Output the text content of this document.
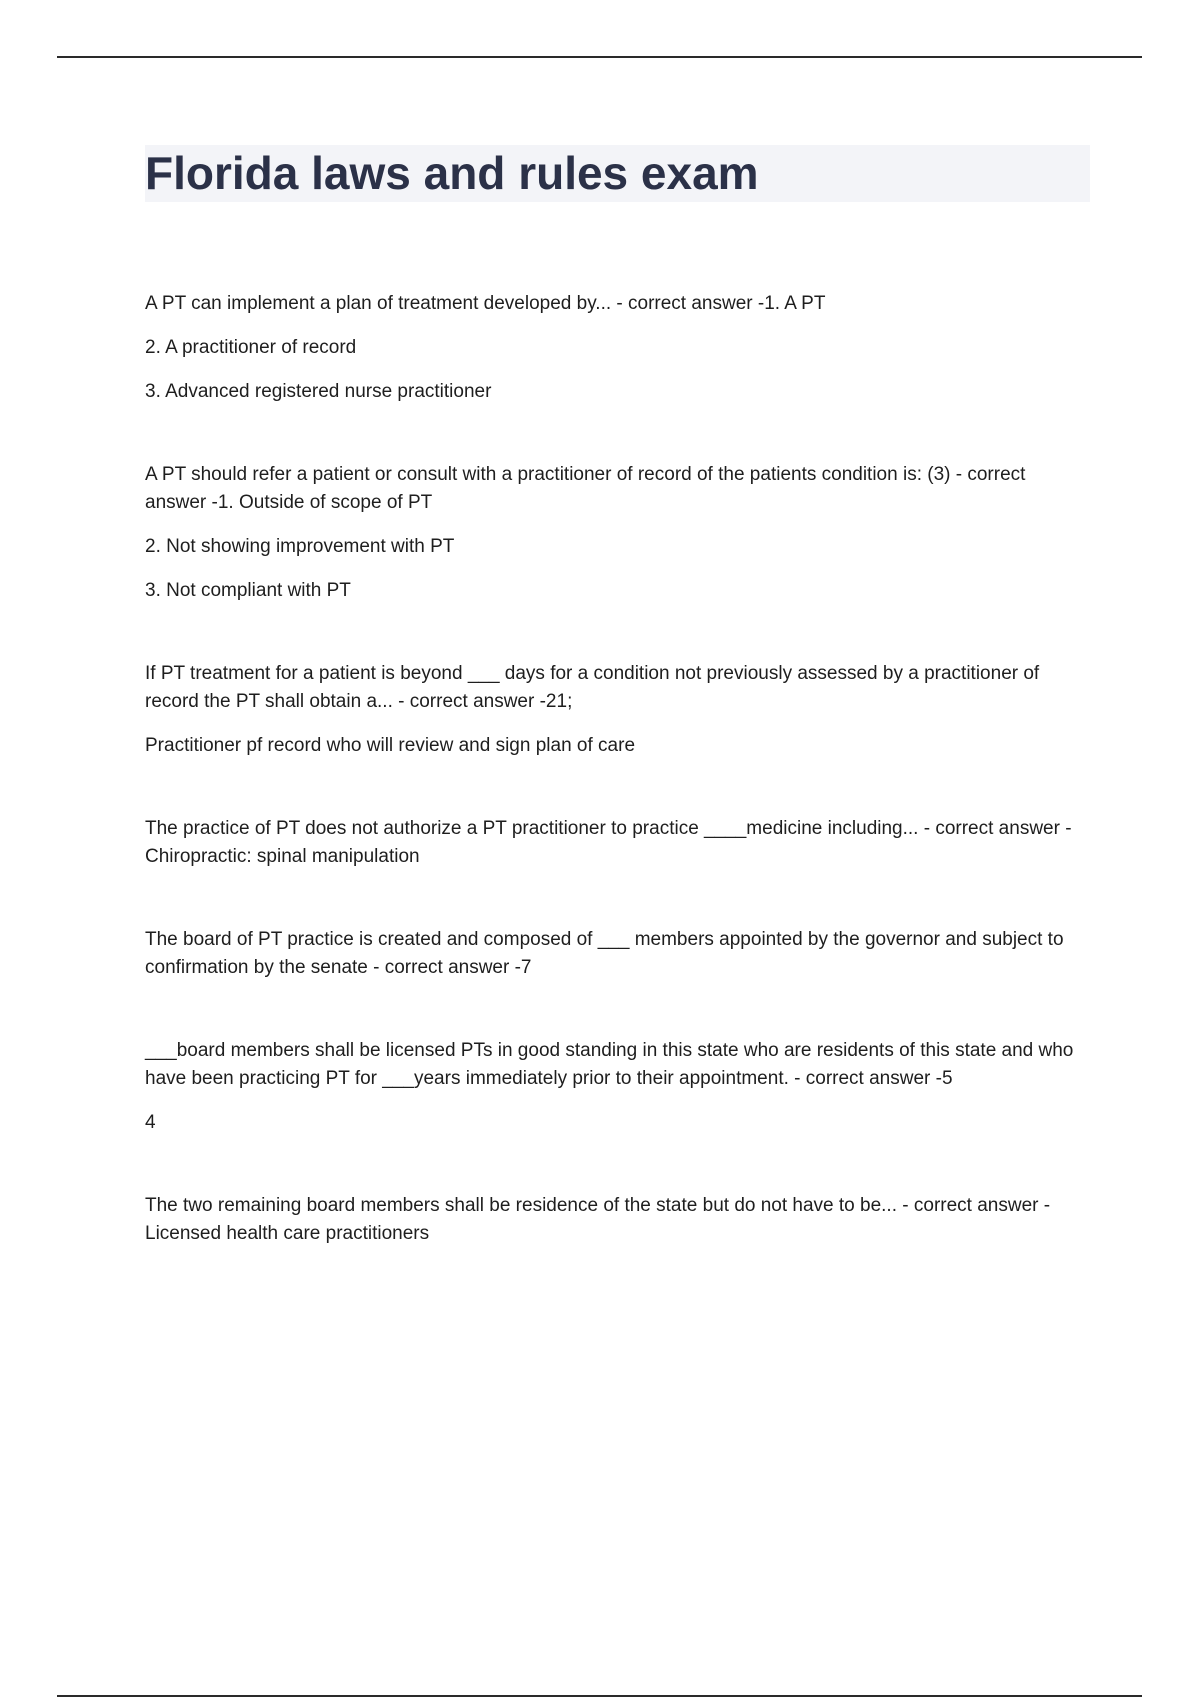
Florida laws and rules exam

A PT can implement a plan of treatment developed by... - correct answer -1. A PT

2. A practitioner of record

3. Advanced registered nurse practitioner

A PT should refer a patient or consult with a practitioner of record of the patients condition is: (3) - correct answer -1. Outside of scope of PT

2. Not showing improvement with PT

3. Not compliant with PT

If PT treatment for a patient is beyond ___ days for a condition not previously assessed by a practitioner of record the PT shall obtain a... - correct answer -21;

Practitioner pf record who will review and sign plan of care

The practice of PT does not authorize a PT practitioner to practice ____medicine including... - correct answer -Chiropractic: spinal manipulation

The board of PT practice is created and composed of ___ members appointed by the governor and subject to confirmation by the senate - correct answer -7

___board members shall be licensed PTs in good standing in this state who are residents of this state and who have been practicing PT for ___years immediately prior to their appointment. - correct answer -5

4

The two remaining board members shall be residence of the state but do not have to be... - correct answer -Licensed health care practitioners
